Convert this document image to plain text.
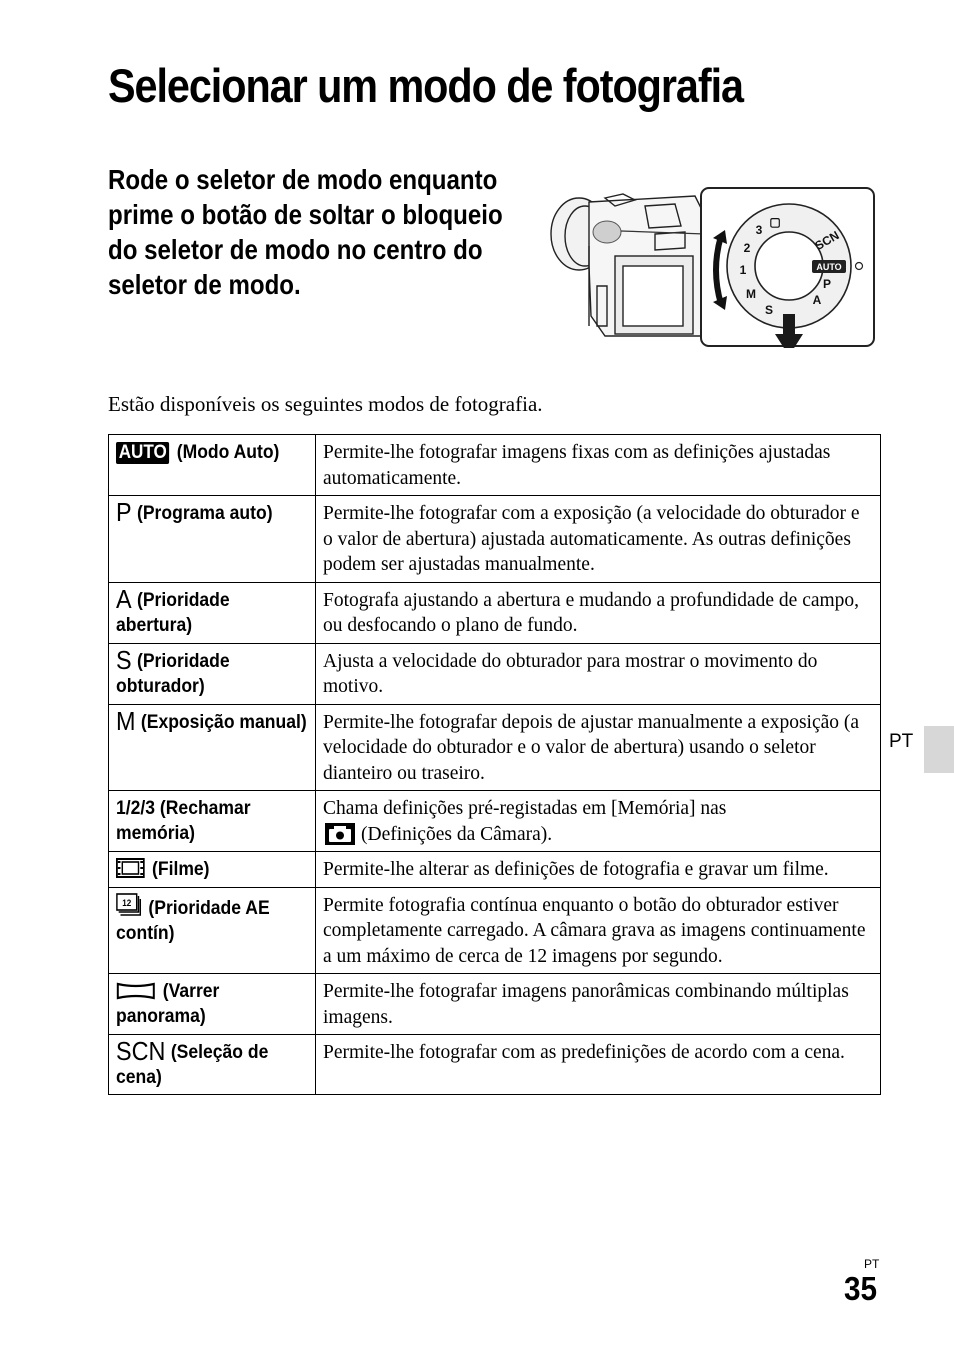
Selecionar um modo de fotografia
Rode o seletor de modo enquanto prime o botão de soltar o bloqueio do seletor de modo no centro do seletor de modo.
SCN
▢
3
2
1
M
S
A
P
AUTO
Estão disponíveis os seguintes modos de fotografia.
AUTO (Modo Auto)	Permite-lhe fotografar imagens fixas com as definições ajustadas automaticamente.

P (Programa auto)	Permite-lhe fotografar com a exposição (a velocidade do obturador e o valor de abertura) ajustada automaticamente. As outras definições podem ser ajustadas manualmente.

A (Prioridade abertura)	Fotografa ajustando a abertura e mudando a profundidade de campo, ou desfocando o plano de fundo.

S (Prioridade obturador)	Ajusta a velocidade do obturador para mostrar o movimento do motivo.

M (Exposição manual)	Permite-lhe fotografar depois de ajustar manualmente a exposição (a velocidade do obturador e o valor de abertura) usando o seletor dianteiro ou traseiro.

1/2/3 (Rechamar memória)	Chama definições pré-registadas em [Memória] nas
(Definições da Câmara).

(Filme)	Permite-lhe alterar as definições de fotografia e gravar um filme.

12 (Prioridade AE contín)	Permite fotografia contínua enquanto o botão do obturador estiver completamente carregado. A câmara grava as imagens continuamente a um máximo de cerca de 12 imagens por segundo.

(Varrer panorama)	Permite-lhe fotografar imagens panorâmicas combinando múltiplas imagens.

SCN (Seleção de cena)	Permite-lhe fotografar com as predefinições de acordo com a cena.
PT
PT
35
